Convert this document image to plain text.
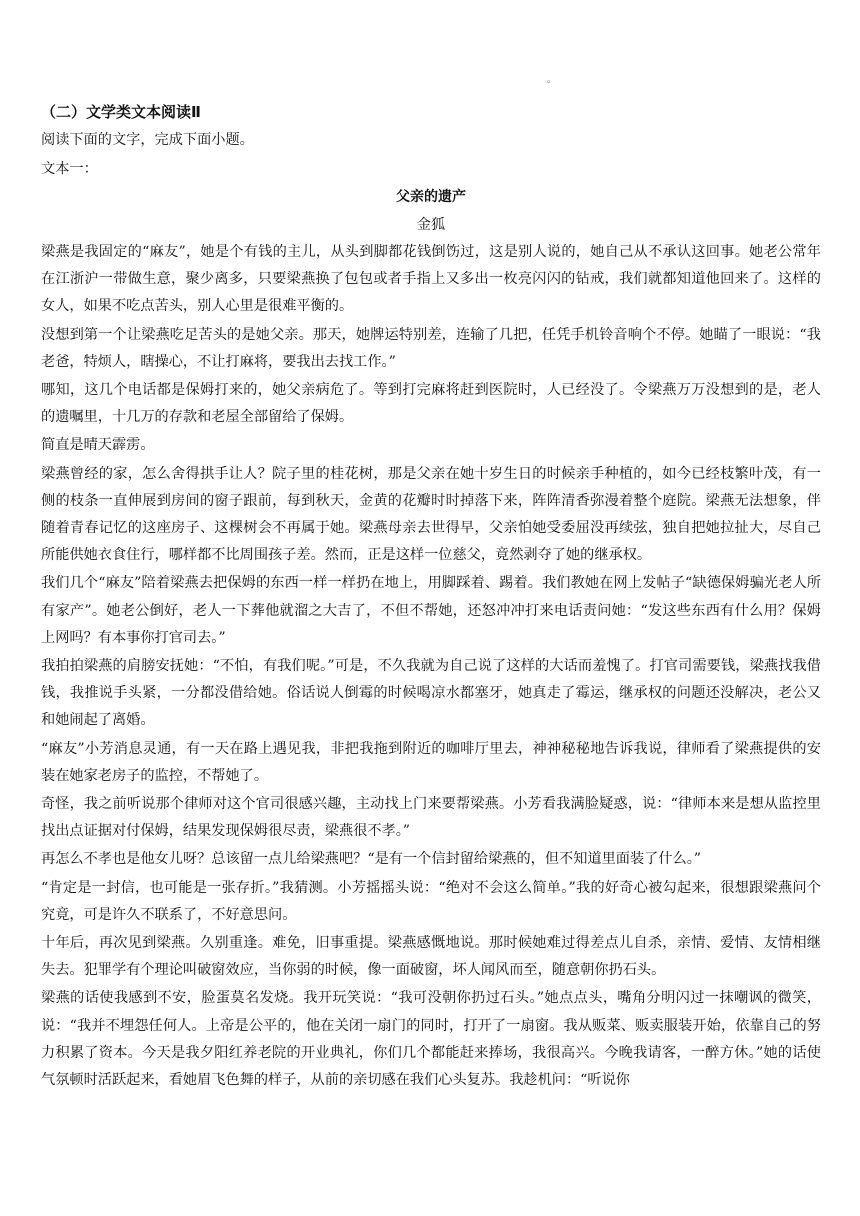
。
（二）文学类文本阅读Ⅱ
阅读下面的文字，完成下面小题。
文本一：
父亲的遗产
金狐

梁燕是我固定的“麻友”，她是个有钱的主儿，从头到脚都花钱倒饬过，这是别人说的，她自己从不承认这回事。她老公常年在江浙沪一带做生意，聚少离多，只要梁燕换了包包或者手指上又多出一枚亮闪闪的钻戒，我们就都知道他回来了。这样的女人，如果不吃点苦头，别人心里是很难平衡的。

没想到第一个让梁燕吃足苦头的是她父亲。那天，她牌运特别差，连输了几把，任凭手机铃音响个不停。她瞄了一眼说：“我老爸，特烦人，瞎操心，不让打麻将，要我出去找工作。”

哪知，这几个电话都是保姆打来的，她父亲病危了。等到打完麻将赶到医院时，人已经没了。令梁燕万万没想到的是，老人的遗嘱里，十几万的存款和老屋全部留给了保姆。

简直是晴天霹雳。

梁燕曾经的家，怎么舍得拱手让人？院子里的桂花树，那是父亲在她十岁生日的时候亲手种植的，如今已经枝繁叶茂，有一侧的枝条一直伸展到房间的窗子跟前，每到秋天，金黄的花瓣时时掉落下来，阵阵清香弥漫着整个庭院。梁燕无法想象，伴随着青春记忆的这座房子、这棵树会不再属于她。梁燕母亲去世得早，父亲怕她受委屈没再续弦，独自把她拉扯大，尽自己所能供她衣食住行，哪样都不比周围孩子差。然而，正是这样一位慈父，竟然剥夺了她的继承权。

我们几个“麻友”陪着梁燕去把保姆的东西一样一样扔在地上，用脚踩着、踢着。我们教她在网上发帖子“缺德保姆骗光老人所有家产”。她老公倒好，老人一下葬他就溜之大吉了，不但不帮她，还怒冲冲打来电话责问她：“发这些东西有什么用？保姆上网吗？有本事你打官司去。”

我拍拍梁燕的肩膀安抚她：“不怕，有我们呢。”可是，不久我就为自己说了这样的大话而羞愧了。打官司需要钱，梁燕找我借钱，我推说手头紧，一分都没借给她。俗话说人倒霉的时候喝凉水都塞牙，她真走了霉运，继承权的问题还没解决，老公又和她闹起了离婚。

“麻友”小芳消息灵通，有一天在路上遇见我，非把我拖到附近的咖啡厅里去，神神秘秘地告诉我说，律师看了梁燕提供的安装在她家老房子的监控，不帮她了。

奇怪，我之前听说那个律师对这个官司很感兴趣，主动找上门来要帮梁燕。小芳看我满脸疑惑，说：“律师本来是想从监控里找出点证据对付保姆，结果发现保姆很尽责，梁燕很不孝。”

再怎么不孝也是他女儿呀？总该留一点儿给梁燕吧？“是有一个信封留给梁燕的，但不知道里面装了什么。”

“肯定是一封信，也可能是一张存折。”我猜测。小芳摇摇头说：“绝对不会这么简单。”我的好奇心被勾起来，很想跟梁燕问个究竟，可是许久不联系了，不好意思问。

十年后，再次见到梁燕。久别重逢。难免，旧事重提。梁燕感慨地说。那时候她难过得差点儿自杀，亲情、爱情、友情相继失去。犯罪学有个理论叫破窗效应，当你弱的时候，像一面破窗，坏人闻风而至，随意朝你扔石头。

梁燕的话使我感到不安，脸蛋莫名发烧。我开玩笑说：“我可没朝你扔过石头。”她点点头，嘴角分明闪过一抹嘲讽的微笑，说：“我并不埋怨任何人。上帝是公平的，他在关闭一扇门的同时，打开了一扇窗。我从贩菜、贩卖服装开始，依靠自己的努力积累了资本。今天是我夕阳红养老院的开业典礼，你们几个都能赶来捧场，我很高兴。今晚我请客，一醉方休。”她的话使气氛顿时活跃起来，看她眉飞色舞的样子，从前的亲切感在我们心头复苏。我趁机问：“听说你
